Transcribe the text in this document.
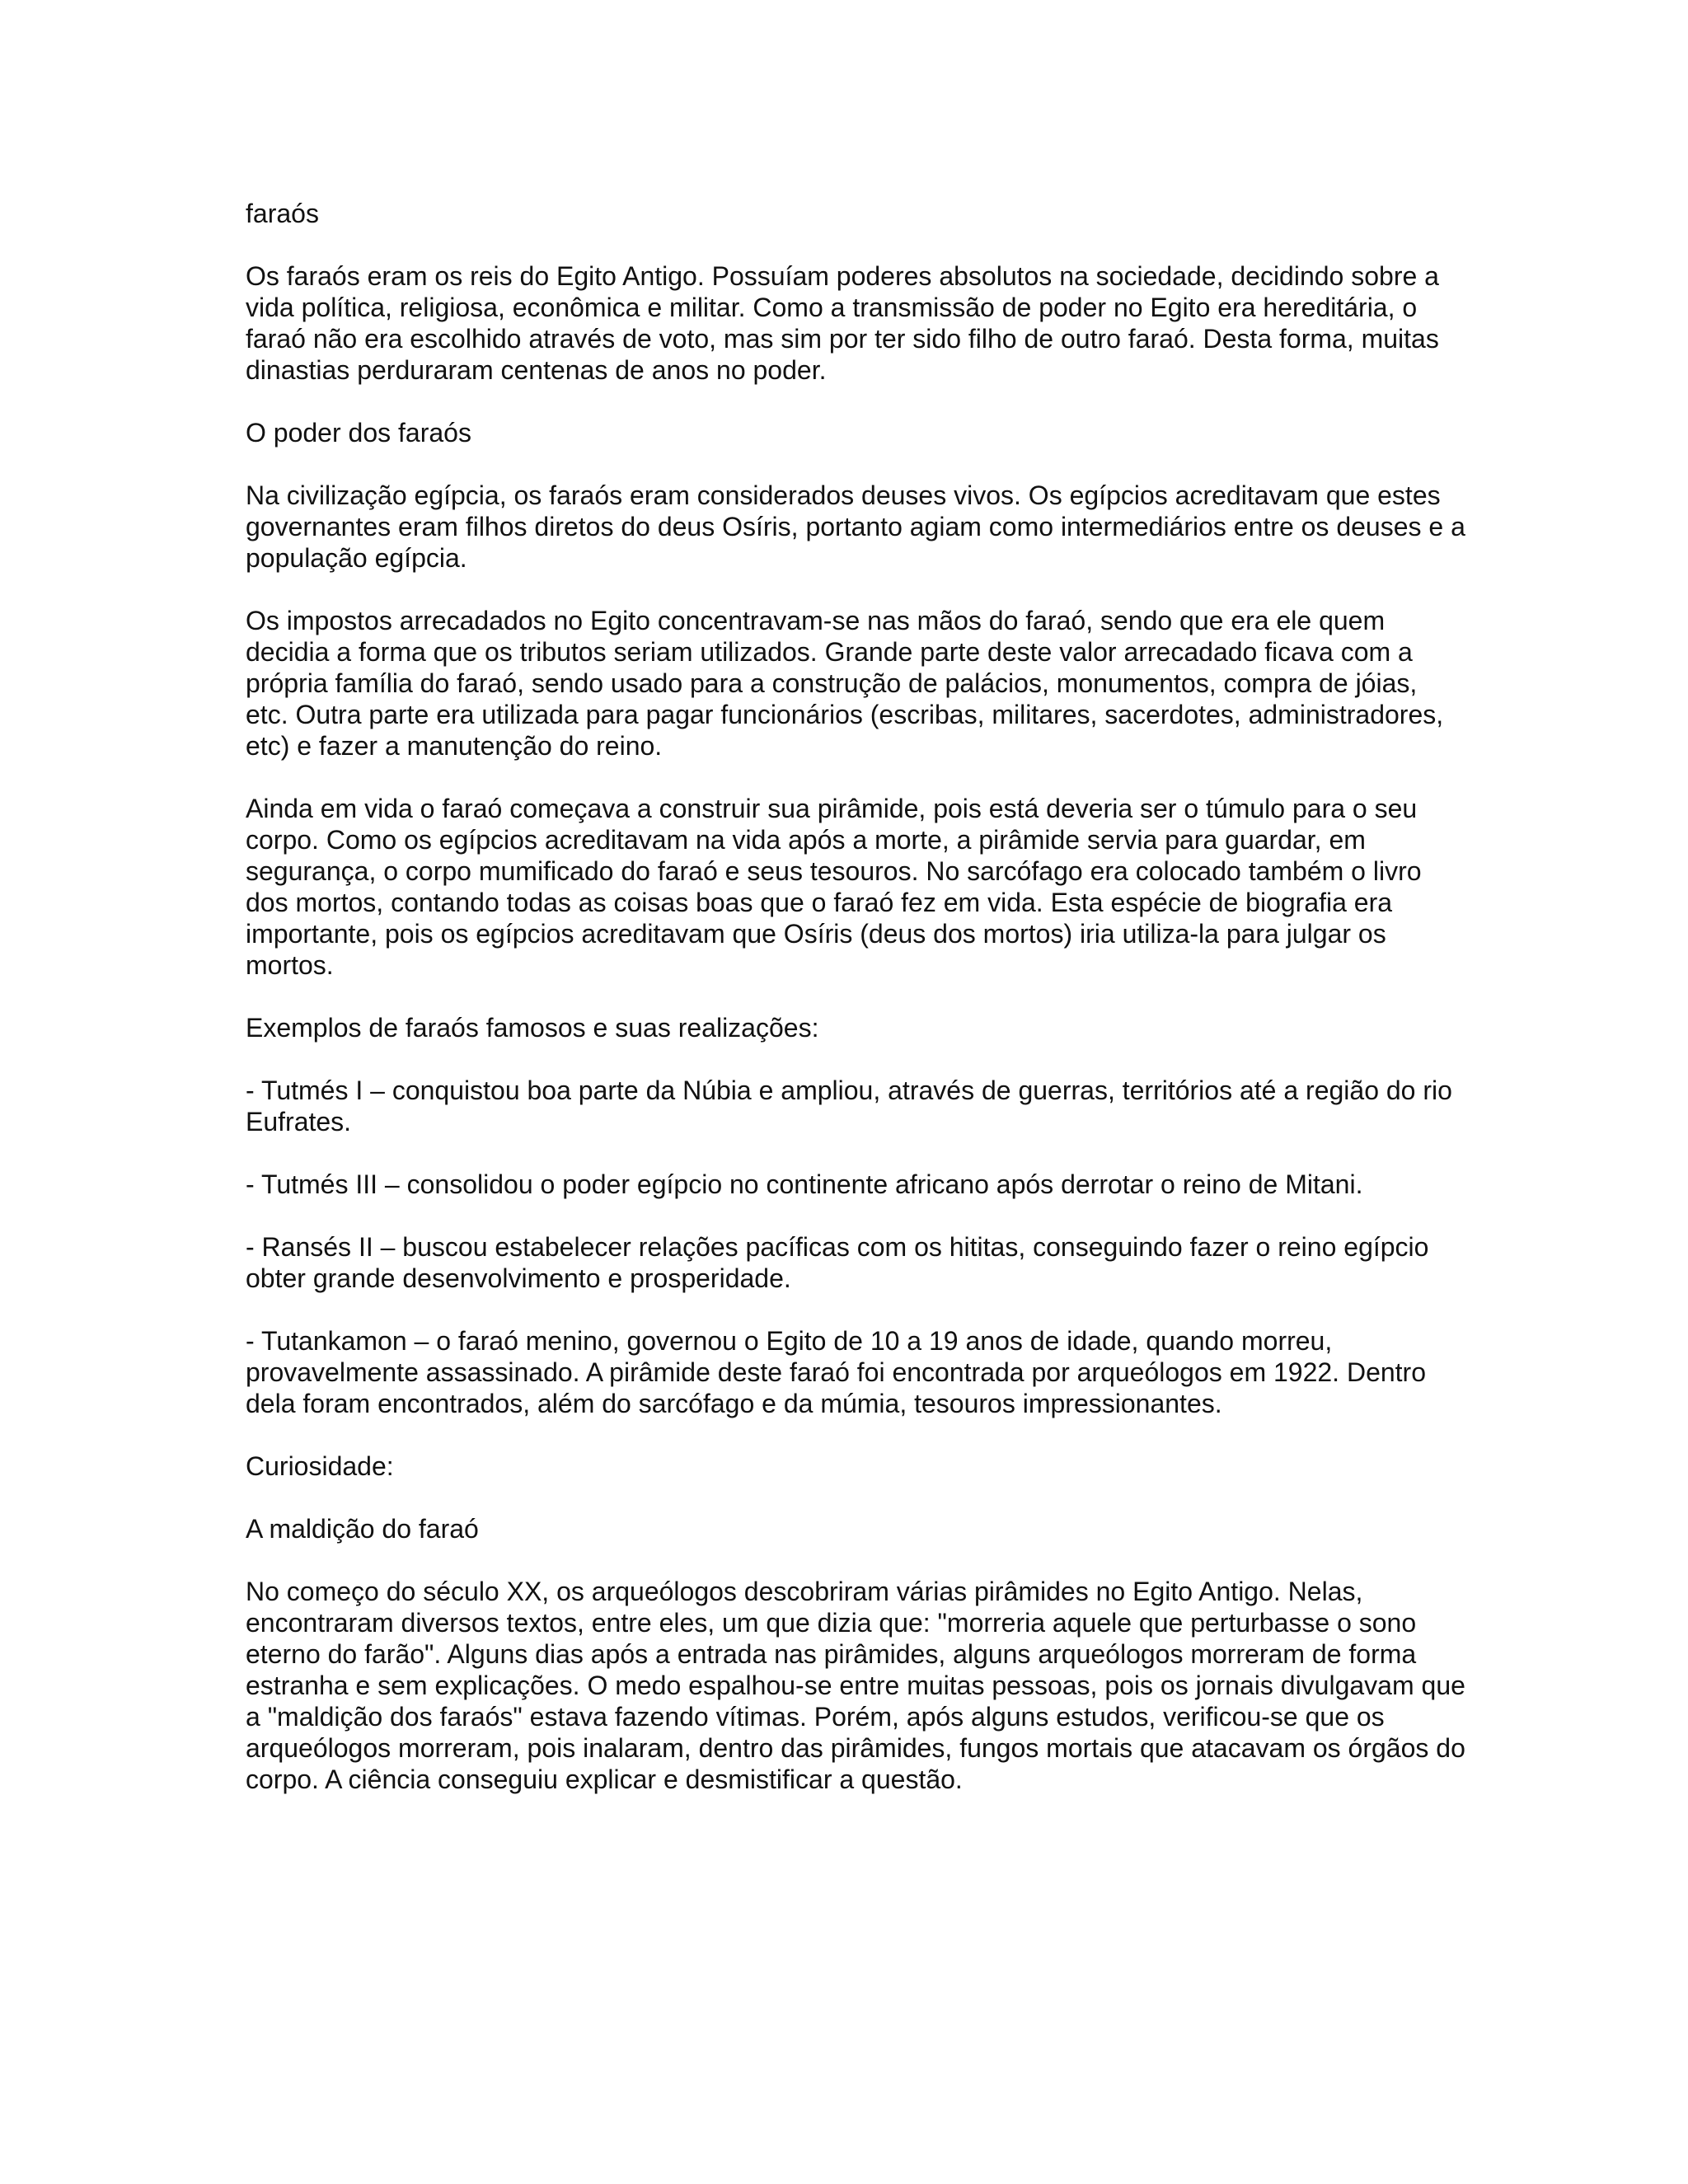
faraós
Os faraós eram os reis do Egito Antigo. Possuíam poderes absolutos na sociedade, decidindo sobre a vida política, religiosa, econômica e militar. Como a transmissão de poder no Egito era hereditária, o faraó não era escolhido através de voto, mas sim por ter sido filho de outro faraó. Desta forma, muitas dinastias perduraram centenas de anos no poder.
O poder dos faraós
Na civilização egípcia, os faraós eram considerados deuses vivos. Os egípcios acreditavam que estes governantes eram filhos diretos do deus Osíris, portanto agiam como intermediários entre os deuses e a população egípcia.
Os impostos arrecadados no Egito concentravam-se nas mãos do faraó, sendo que era ele quem decidia a forma que os tributos seriam utilizados. Grande parte deste valor arrecadado ficava com a própria família do faraó, sendo usado para a construção de palácios, monumentos, compra de jóias, etc. Outra parte era utilizada para pagar funcionários (escribas, militares, sacerdotes, administradores, etc) e fazer a manutenção do reino.
Ainda em vida o faraó começava a construir sua pirâmide, pois está deveria ser o túmulo para o seu corpo. Como os egípcios acreditavam na vida após a morte, a pirâmide servia para guardar, em segurança, o corpo mumificado do faraó e seus tesouros. No sarcófago era colocado também o livro dos mortos, contando todas as coisas boas que o faraó fez em vida. Esta espécie de biografia era importante, pois os egípcios acreditavam que Osíris (deus dos mortos) iria utiliza-la para julgar os mortos.
Exemplos de faraós famosos e suas realizações:
- Tutmés I – conquistou boa parte da Núbia e ampliou, através de guerras, territórios até a região do rio Eufrates.
- Tutmés III – consolidou o poder egípcio no continente africano após derrotar o reino de Mitani.
- Ransés II – buscou estabelecer relações pacíficas com os hititas, conseguindo fazer o reino egípcio obter grande desenvolvimento e prosperidade.
- Tutankamon – o faraó menino, governou o Egito de 10 a 19 anos de idade, quando morreu, provavelmente assassinado. A pirâmide deste faraó foi encontrada por arqueólogos em 1922. Dentro dela foram encontrados, além do sarcófago e da múmia, tesouros impressionantes.
Curiosidade:
A maldição do faraó
No começo do século XX, os arqueólogos descobriram várias pirâmides no Egito Antigo. Nelas, encontraram diversos textos, entre eles, um que dizia que: "morreria aquele que perturbasse o sono eterno do farão". Alguns dias após a entrada nas pirâmides, alguns arqueólogos morreram de forma estranha e sem explicações. O medo espalhou-se entre muitas pessoas, pois os jornais divulgavam que a "maldição dos faraós" estava fazendo vítimas. Porém, após alguns estudos, verificou-se que os arqueólogos morreram, pois inalaram, dentro das pirâmides, fungos mortais que atacavam os órgãos do corpo. A ciência conseguiu explicar e desmistificar a questão.
